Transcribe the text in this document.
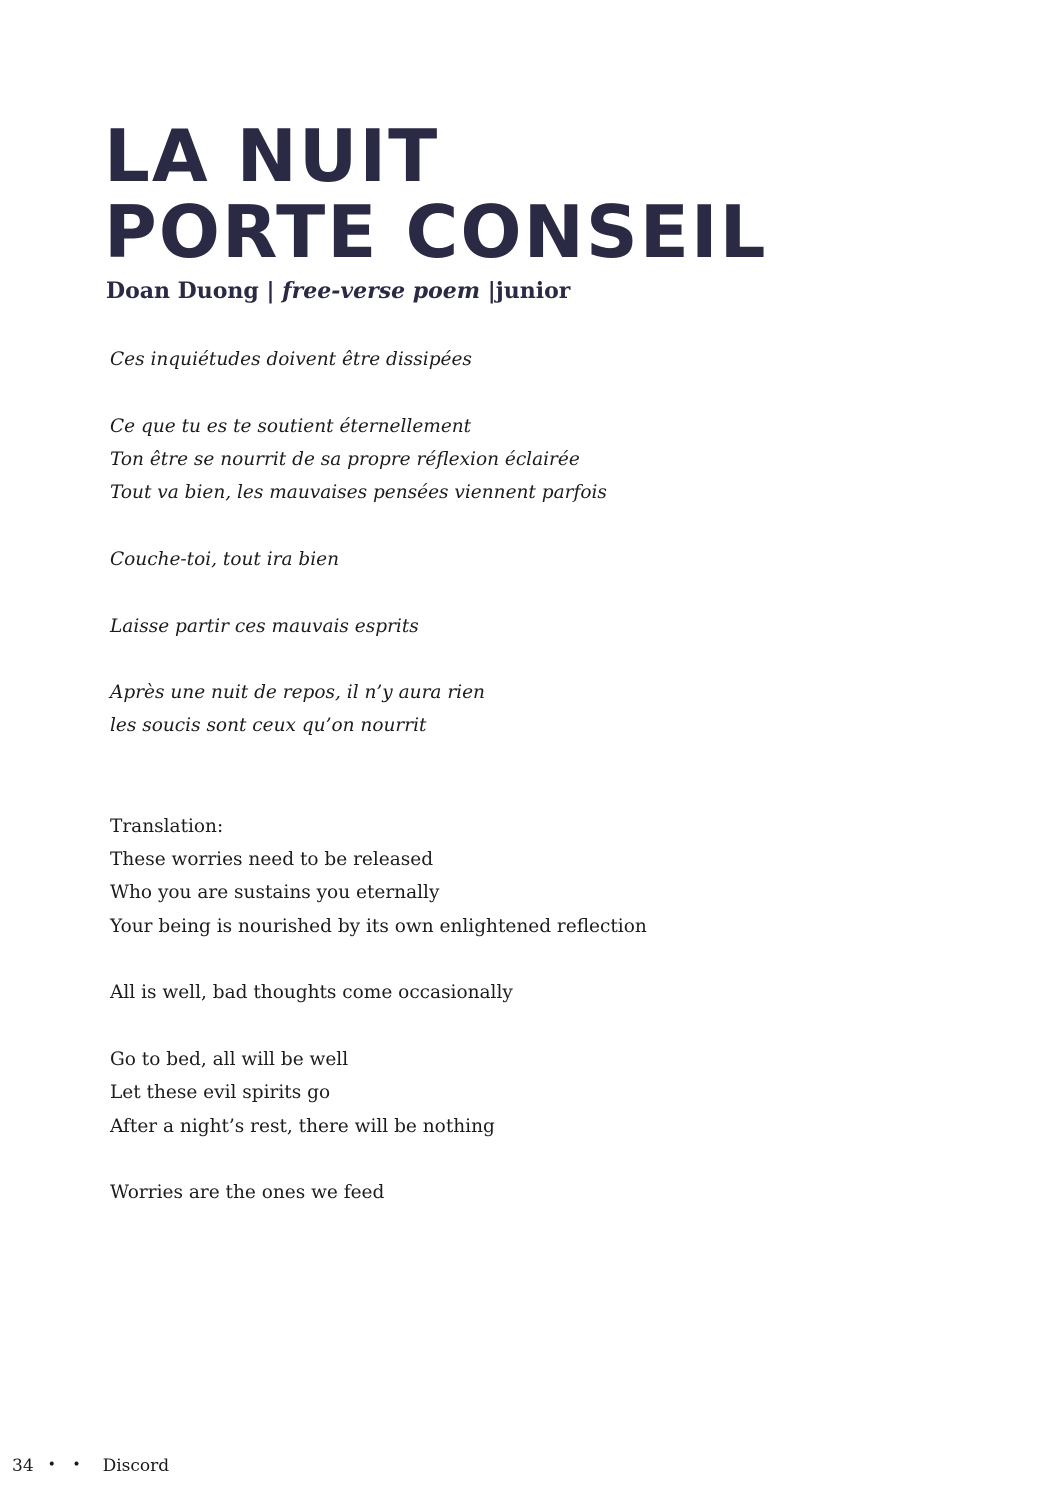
LA NUIT
PORTE CONSEIL
Doan Duong | free-verse poem |junior
Ces inquiétudes doivent être dissipées
Ce que tu es te soutient éternellement
Ton être se nourrit de sa propre réflexion éclairée
Tout va bien, les mauvaises pensées viennent parfois
Couche-toi, tout ira bien
Laisse partir ces mauvais esprits
Après une nuit de repos, il n’y aura rien
les soucis sont ceux qu’on nourrit
Translation:
These worries need to be released
Who you are sustains you eternally
Your being is nourished by its own enlightened reflection
All is well, bad thoughts come occasionally
Go to bed, all will be well
Let these evil spirits go
After a night’s rest, there will be nothing
Worries are the ones we feed
34 • • Discord
